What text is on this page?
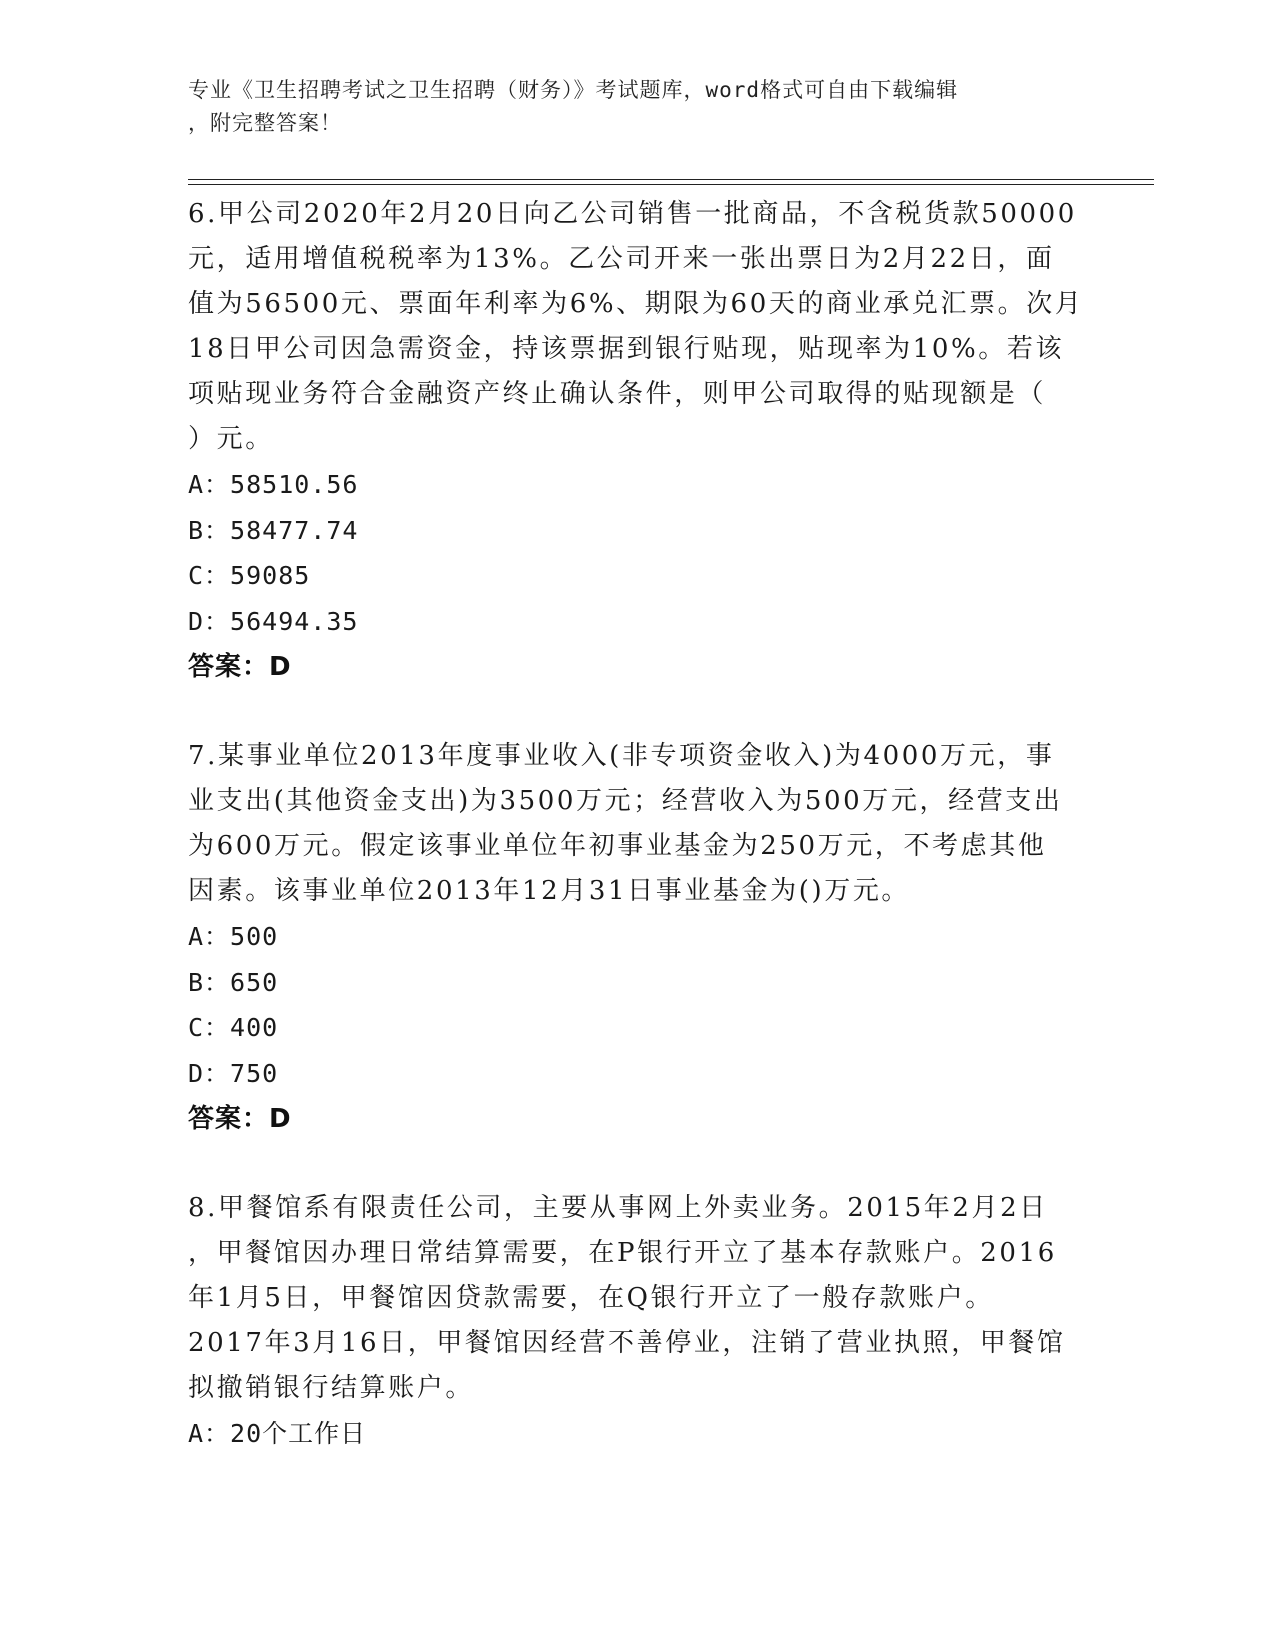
专业《卫生招聘考试之卫生招聘（财务）》考试题库，word格式可自由下载编辑
，附完整答案！
6.甲公司2020年2月20日向乙公司销售一批商品，不含税货款50000
元，适用增值税税率为13%。乙公司开来一张出票日为2月22日，面
值为56500元、票面年利率为6%、期限为60天的商业承兑汇票。次月
18日甲公司因急需资金，持该票据到银行贴现，贴现率为10%。若该
项贴现业务符合金融资产终止确认条件，则甲公司取得的贴现额是（
）元。
A：58510.56
B：58477.74
C：59085
D：56494.35
答案：D
7.某事业单位2013年度事业收入(非专项资金收入)为4000万元，事
业支出(其他资金支出)为3500万元；经营收入为500万元，经营支出
为600万元。假定该事业单位年初事业基金为250万元，不考虑其他
因素。该事业单位2013年12月31日事业基金为()万元。
A：500
B：650
C：400
D：750
答案：D
8.甲餐馆系有限责任公司，主要从事网上外卖业务。2015年2月2日
，甲餐馆因办理日常结算需要，在P银行开立了基本存款账户。2016
年1月5日，甲餐馆因贷款需要，在Q银行开立了一般存款账户。
2017年3月16日，甲餐馆因经营不善停业，注销了营业执照，甲餐馆
拟撤销银行结算账户。
A：20个工作日
